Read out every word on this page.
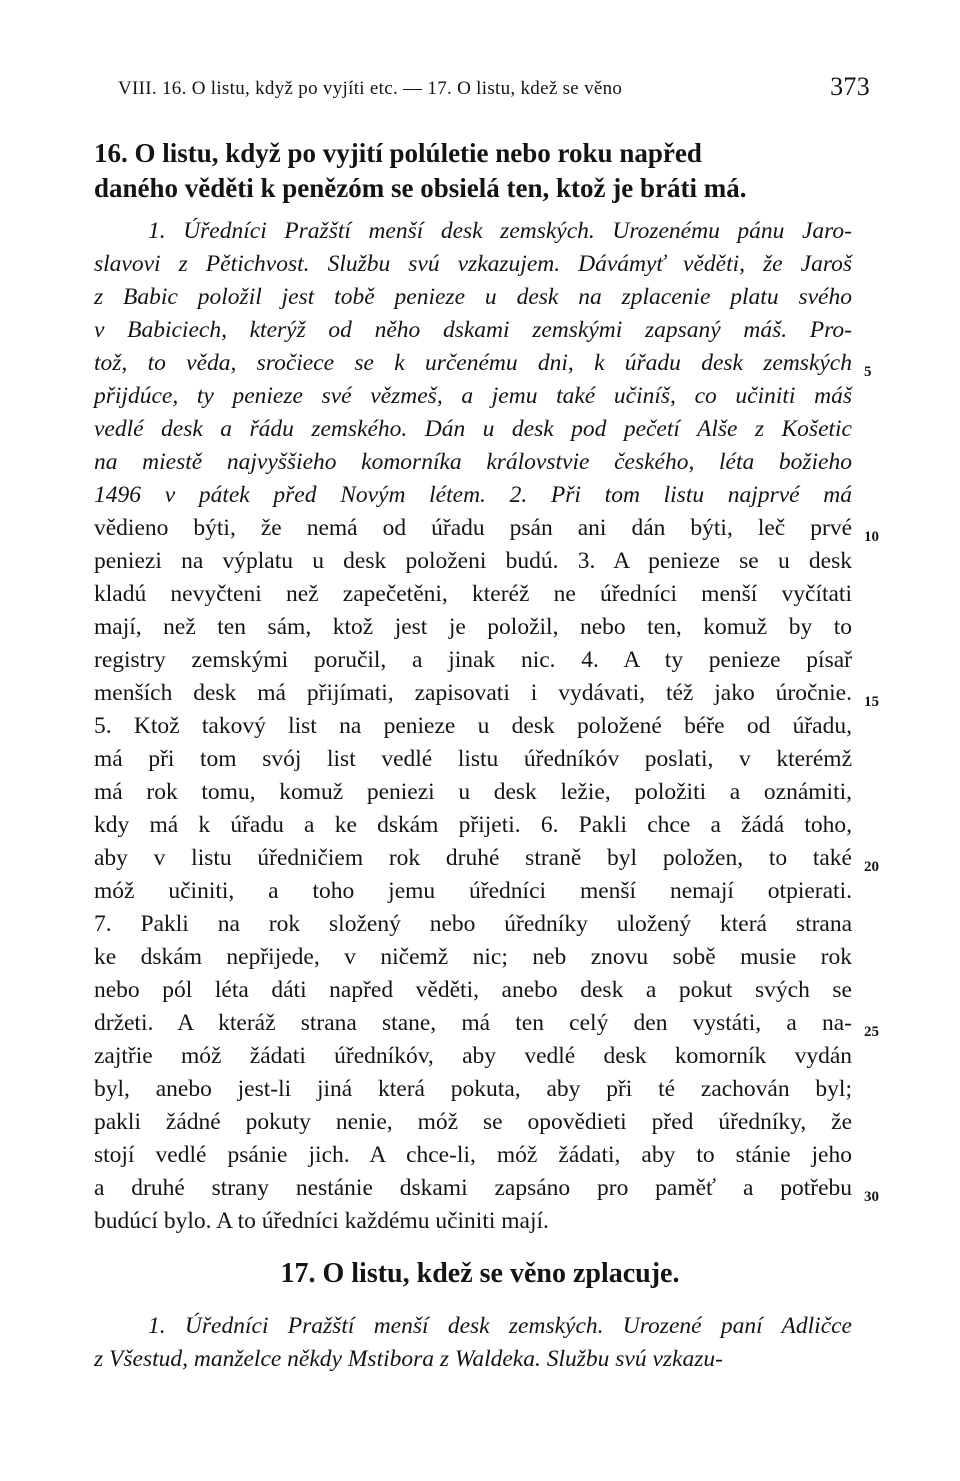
VIII. 16. O listu, když po vyjíti etc. — 17. O listu, kdež se věno	373
16. O listu, když po vyjití polúletie nebo roku napřed
daného věděti k penězóm se obsielá ten, ktož je bráti má.
1. Úředníci Pražští menší desk zemských. Urozenému pánu Jaro-
slavovi z Pětichvost. Službu svú vzkazujem. Dávámyť věděti, že Jaroš
z Babic položil jest tobě penieze u desk na zplacenie platu svého
v Babiciech, kterýž od něho dskami zemskými zapsaný máš. Pro-
tož, to věda, sročiece se k určenému dni, k úřadu desk zemských
přijdúce, ty penieze své vězmeš, a jemu také učiníš, co učiniti máš
vedlé desk a řádu zemského. Dán u desk pod pečetí Alše z Košetic
na miestě najvyššieho komorníka královstvie českého, léta božieho
1496 v pátek před Novým létem. 2. Při tom listu najprvé má
vědieno býti, že nemá od úřadu psán ani dán býti, leč prvé
peniezi na výplatu u desk položeni budú. 3. A penieze se u desk
kladú nevyčteni než zapečetěni, kteréž ne úředníci menší vyčítati
mají, než ten sám, ktož jest je položil, nebo ten, komuž by to
registry zemskými poručil, a jinak nic. 4. A ty penieze písař
menších desk má přijímati, zapisovati i vydávati, též jako úročnie.
5. Ktož takový list na penieze u desk položené béře od úřadu,
má při tom svój list vedlé listu úředníkóv poslati, v kterémž
má rok tomu, komuž peniezi u desk ležie, položiti a oznámiti,
kdy má k úřadu a ke dskám přijeti. 6. Pakli chce a žádá toho,
aby v listu úředničiem rok druhé straně byl položen, to také
móž učiniti, a toho jemu úředníci menší nemají otpierati.
7. Pakli na rok složený nebo úředníky uložený která strana
ke dskám nepřijede, v ničemž nic; neb znovu sobě musie rok
nebo pól léta dáti napřed věděti, anebo desk a pokut svých se
držeti. A kteráž strana stane, má ten celý den vystáti, a na-
zajtřie móž žádati úředníkóv, aby vedlé desk komorník vydán
byl, anebo jest-li jiná která pokuta, aby při té zachován byl;
pakli žádné pokuty nenie, móž se opovědieti před úředníky, že
stojí vedlé psánie jich. A chce-li, móž žádati, aby to stánie jeho
a druhé strany nestánie dskami zapsáno pro paměť a potřebu
budúcí bylo. A to úředníci každému učiniti mají.
17. O listu, kdež se věno zplacuje.
1. Úředníci Pražští menší desk zemských. Urozené paní Adličce
z Všestud, manželce někdy Mstibora z Waldeka. Službu svú vzkazu-
5
10
15
20
25
30
